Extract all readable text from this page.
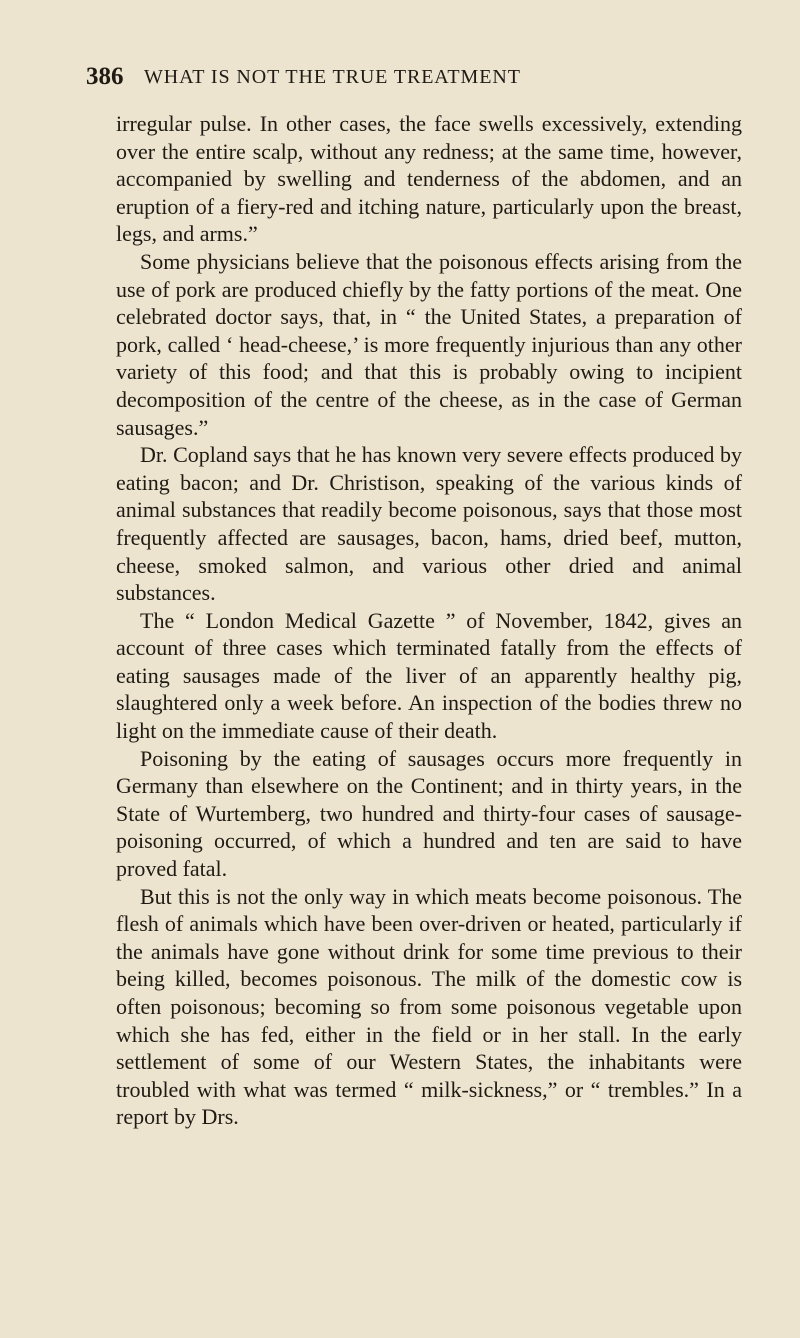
386 WHAT IS NOT THE TRUE TREATMENT

irregular pulse. In other cases, the face swells excessively, extending over the entire scalp, without any redness; at the same time, however, accompanied by swelling and tenderness of the abdomen, and an eruption of a fiery-red and itching nature, particularly upon the breast, legs, and arms.”

Some physicians believe that the poisonous effects arising from the use of pork are produced chiefly by the fatty portions of the meat. One celebrated doctor says, that, in “ the United States, a preparation of pork, called ‘ head-cheese,’ is more frequently injurious than any other variety of this food; and that this is probably owing to incipient decomposition of the centre of the cheese, as in the case of German sausages.”

Dr. Copland says that he has known very severe effects produced by eating bacon; and Dr. Christison, speaking of the various kinds of animal substances that readily become poisonous, says that those most frequently affected are sausages, bacon, hams, dried beef, mutton, cheese, smoked salmon, and various other dried and animal substances.

The “ London Medical Gazette ” of November, 1842, gives an account of three cases which terminated fatally from the effects of eating sausages made of the liver of an apparently healthy pig, slaughtered only a week before. An inspection of the bodies threw no light on the immediate cause of their death.

Poisoning by the eating of sausages occurs more frequently in Germany than elsewhere on the Continent; and in thirty years, in the State of Wurtemberg, two hundred and thirty-four cases of sausage-poisoning occurred, of which a hundred and ten are said to have proved fatal.

But this is not the only way in which meats become poisonous. The flesh of animals which have been over-driven or heated, particularly if the animals have gone without drink for some time previous to their being killed, becomes poisonous. The milk of the domestic cow is often poisonous; becoming so from some poisonous vegetable upon which she has fed, either in the field or in her stall. In the early settlement of some of our Western States, the inhabitants were troubled with what was termed “ milk-sickness,” or “ trembles.” In a report by Drs.
